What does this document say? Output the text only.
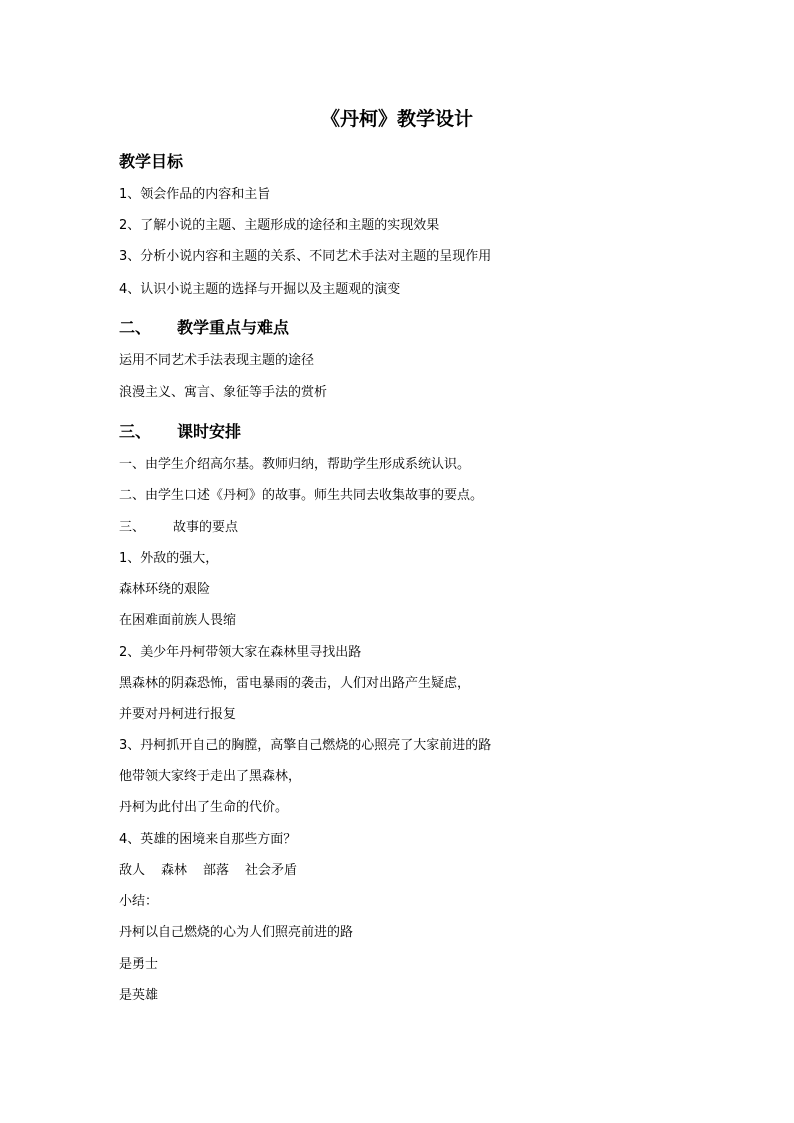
《丹柯》教学设计
教学目标
1、领会作品的内容和主旨
2、了解小说的主题、主题形成的途径和主题的实现效果
3、分析小说内容和主题的关系、不同艺术手法对主题的呈现作用
4、认识小说主题的选择与开掘以及主题观的演变
二、 教学重点与难点
运用不同艺术手法表现主题的途径
浪漫主义、寓言、象征等手法的赏析
三、 课时安排
一、由学生介绍高尔基。教师归纳，帮助学生形成系统认识。
二、由学生口述《丹柯》的故事。师生共同去收集故事的要点。
三、 故事的要点
1、外敌的强大，
森林环绕的艰险
在困难面前族人畏缩
2、美少年丹柯带领大家在森林里寻找出路
黑森林的阴森恐怖，雷电暴雨的袭击，人们对出路产生疑虑，
并要对丹柯进行报复
3、丹柯抓开自己的胸膛，高擎自己燃烧的心照亮了大家前进的路
他带领大家终于走出了黑森林，
丹柯为此付出了生命的代价。
4、英雄的困境来自那些方面？
敌人 森林 部落 社会矛盾
小结：
丹柯以自己燃烧的心为人们照亮前进的路
是勇士
是英雄
